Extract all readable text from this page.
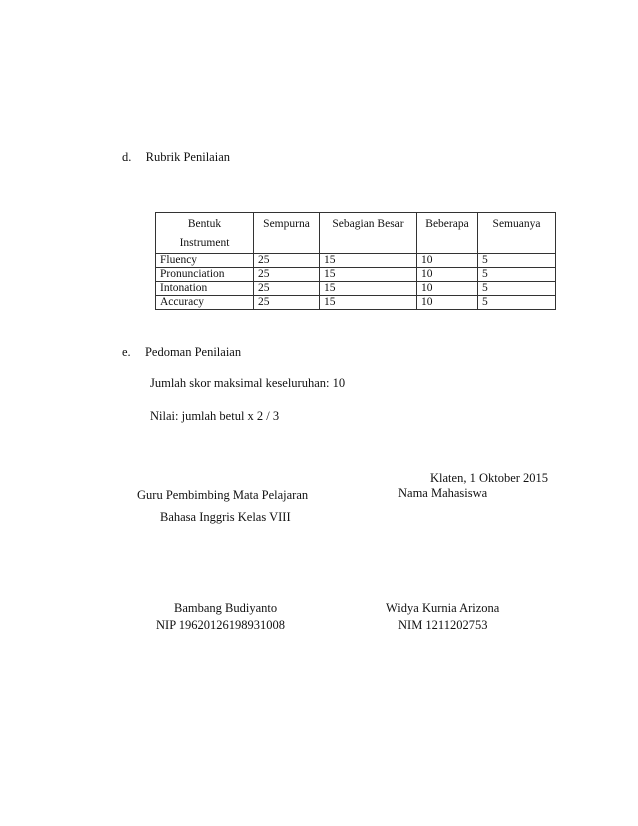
d. Rubrik Penilaian
Bentuk
Instrument	Sempurna	Sebagian Besar	Beberapa	Semuanya
Fluency	25	15	10	5
Pronunciation	25	15	10	5
Intonation	25	15	10	5
Accuracy	25	15	10	5
e. Pedoman Penilaian
Jumlah skor maksimal keseluruhan: 10
Nilai: jumlah betul x 2 / 3
Klaten, 1 Oktober 2015
Guru Pembimbing Mata Pelajaran	Nama Mahasiswa
Bahasa Inggris Kelas VIII
Bambang Budiyanto
NIP 19620126198931008
Widya Kurnia Arizona
NIM 1211202753
